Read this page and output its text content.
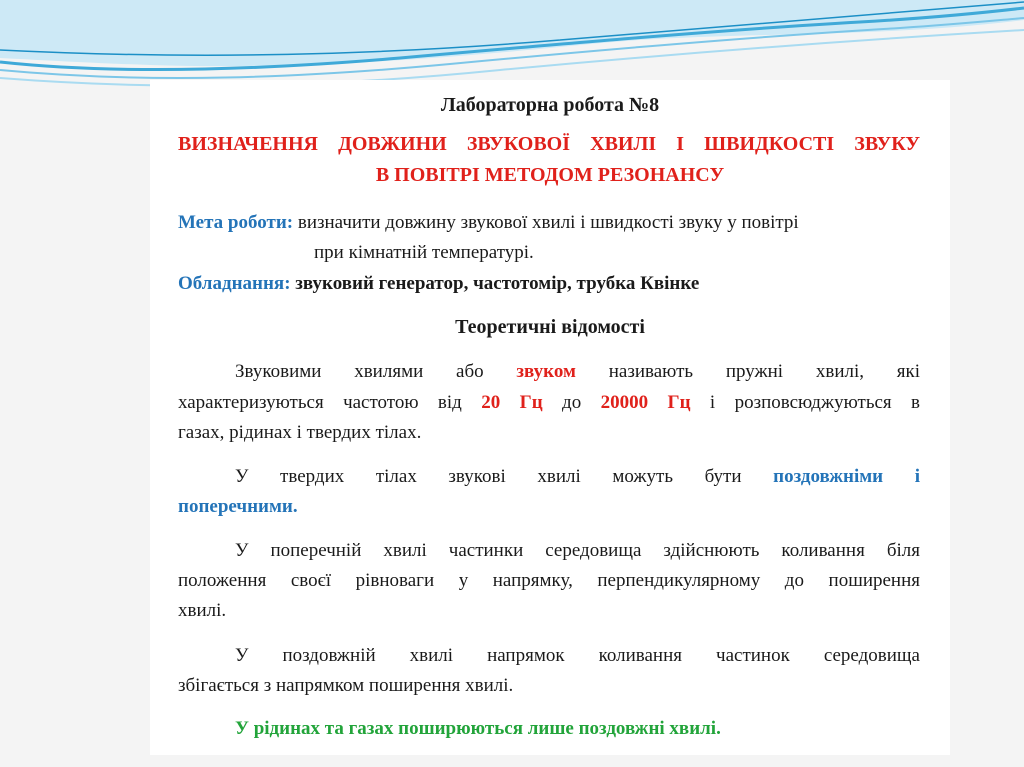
Лабораторна робота №8
ВИЗНАЧЕННЯ ДОВЖИНИ ЗВУКОВОЇ ХВИЛІ І ШВИДКОСТІ ЗВУКУ
В ПОВІТРІ МЕТОДОМ РЕЗОНАНСУ
Мета роботи: визначити довжину звукової хвилі і швидкості звуку у повітрі
при кімнатній температурі.
Обладнання: звуковий генератор, частотомір, трубка Квінке
Теоретичні відомості
Звуковими хвилями або звуком називають пружні хвилі, які
характеризуються частотою від 20 Гц до 20000 Гц і розповсюджуються в
газах, рідинах і твердих тілах.
У твердих тілах звукові хвилі можуть бути поздовжніми і
поперечними.
У поперечній хвилі частинки середовища здійснюють коливання біля
положення своєї рівноваги у напрямку, перпендикулярному до поширення
хвилі.
У поздовжній хвилі напрямок коливання частинок середовища
збігається з напрямком поширення хвилі.
У рідинах та газах поширюються лише поздовжні хвилі.
